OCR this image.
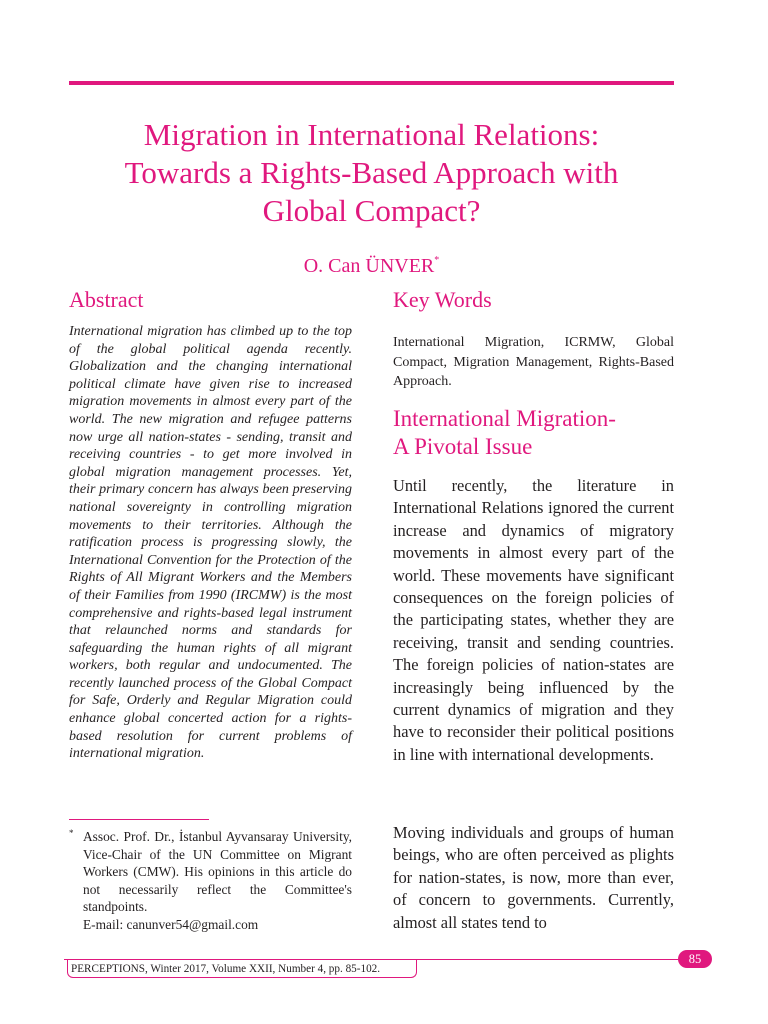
Migration in International Relations:
Towards a Rights-Based Approach with
Global Compact?
O. Can ÜNVER*
Abstract

International migration has climbed up to the top of the global political agenda recently. Globalization and the changing international political climate have given rise to increased migration movements in almost every part of the world. The new migration and refugee patterns now urge all nation-states - sending, transit and receiving countries - to get more involved in global migration management processes. Yet, their primary concern has always been preserving national sovereignty in controlling migration movements to their territories. Although the ratification process is progressing slowly, the International Convention for the Protection of the Rights of All Migrant Workers and the Members of their Families from 1990 (IRCMW) is the most comprehensive and rights-based legal instrument that relaunched norms and standards for safeguarding the human rights of all migrant workers, both regular and undocumented. The recently launched process of the Global Compact for Safe, Orderly and Regular Migration could enhance global concerted action for a rights-based resolution for current problems of international migration.

Key Words

International Migration, ICRMW, Global Compact, Migration Management, Rights-Based Approach.

International Migration-
A Pivotal Issue

Until recently, the literature in International Relations ignored the current increase and dynamics of migratory movements in almost every part of the world. These movements have significant consequences on the foreign policies of the participating states, whether they are receiving, transit and sending countries. The foreign policies of nation-states are increasingly being influenced by the current dynamics of migration and they have to reconsider their political positions in line with international developments.

Moving individuals and groups of human beings, who are often perceived as plights for nation-states, is now, more than ever, of concern to governments. Currently, almost all states tend to

* Assoc. Prof. Dr., İstanbul Ayvansaray University, Vice-Chair of the UN Committee on Migrant Workers (CMW). His opinions in this article do not necessarily reflect the Committee's standpoints.
E-mail: canunver54@gmail.com
PERCEPTIONS, Winter 2017, Volume XXII, Number 4, pp. 85-102.
85
